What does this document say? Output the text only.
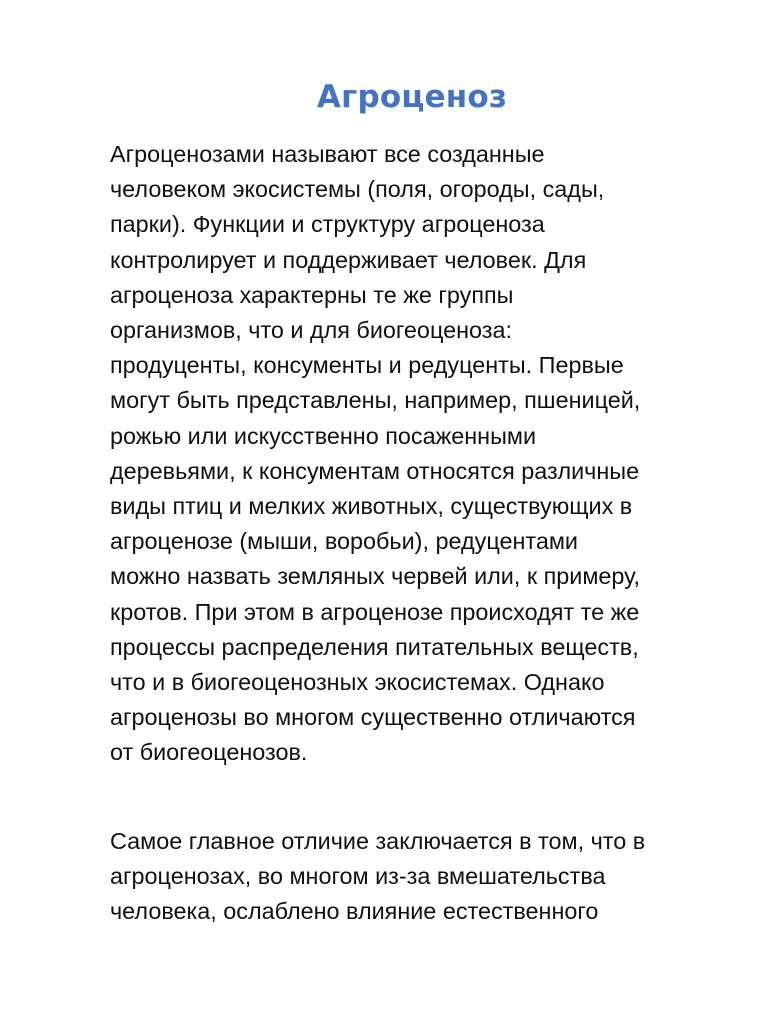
Агроценоз

Агроценозами называют все созданные
человеком экосистемы (поля, огороды, сады,
парки). Функции и структуру агроценоза
контролирует и поддерживает человек. Для
агроценоза характерны те же группы
организмов, что и для биогеоценоза:
продуценты, консументы и редуценты. Первые
могут быть представлены, например, пшеницей,
рожью или искусственно посаженными
деревьями, к консументам относятся различные
виды птиц и мелких животных, существующих в
агроценозе (мыши, воробьи), редуцентами
можно назвать земляных червей или, к примеру,
кротов. При этом в агроценозе происходят те же
процессы распределения питательных веществ,
что и в биогеоценозных экосистемах. Однако
агроценозы во многом существенно отличаются
от биогеоценозов.

Самое главное отличие заключается в том, что в
агроценозах, во многом из-за вмешательства
человека, ослаблено влияние естественного
